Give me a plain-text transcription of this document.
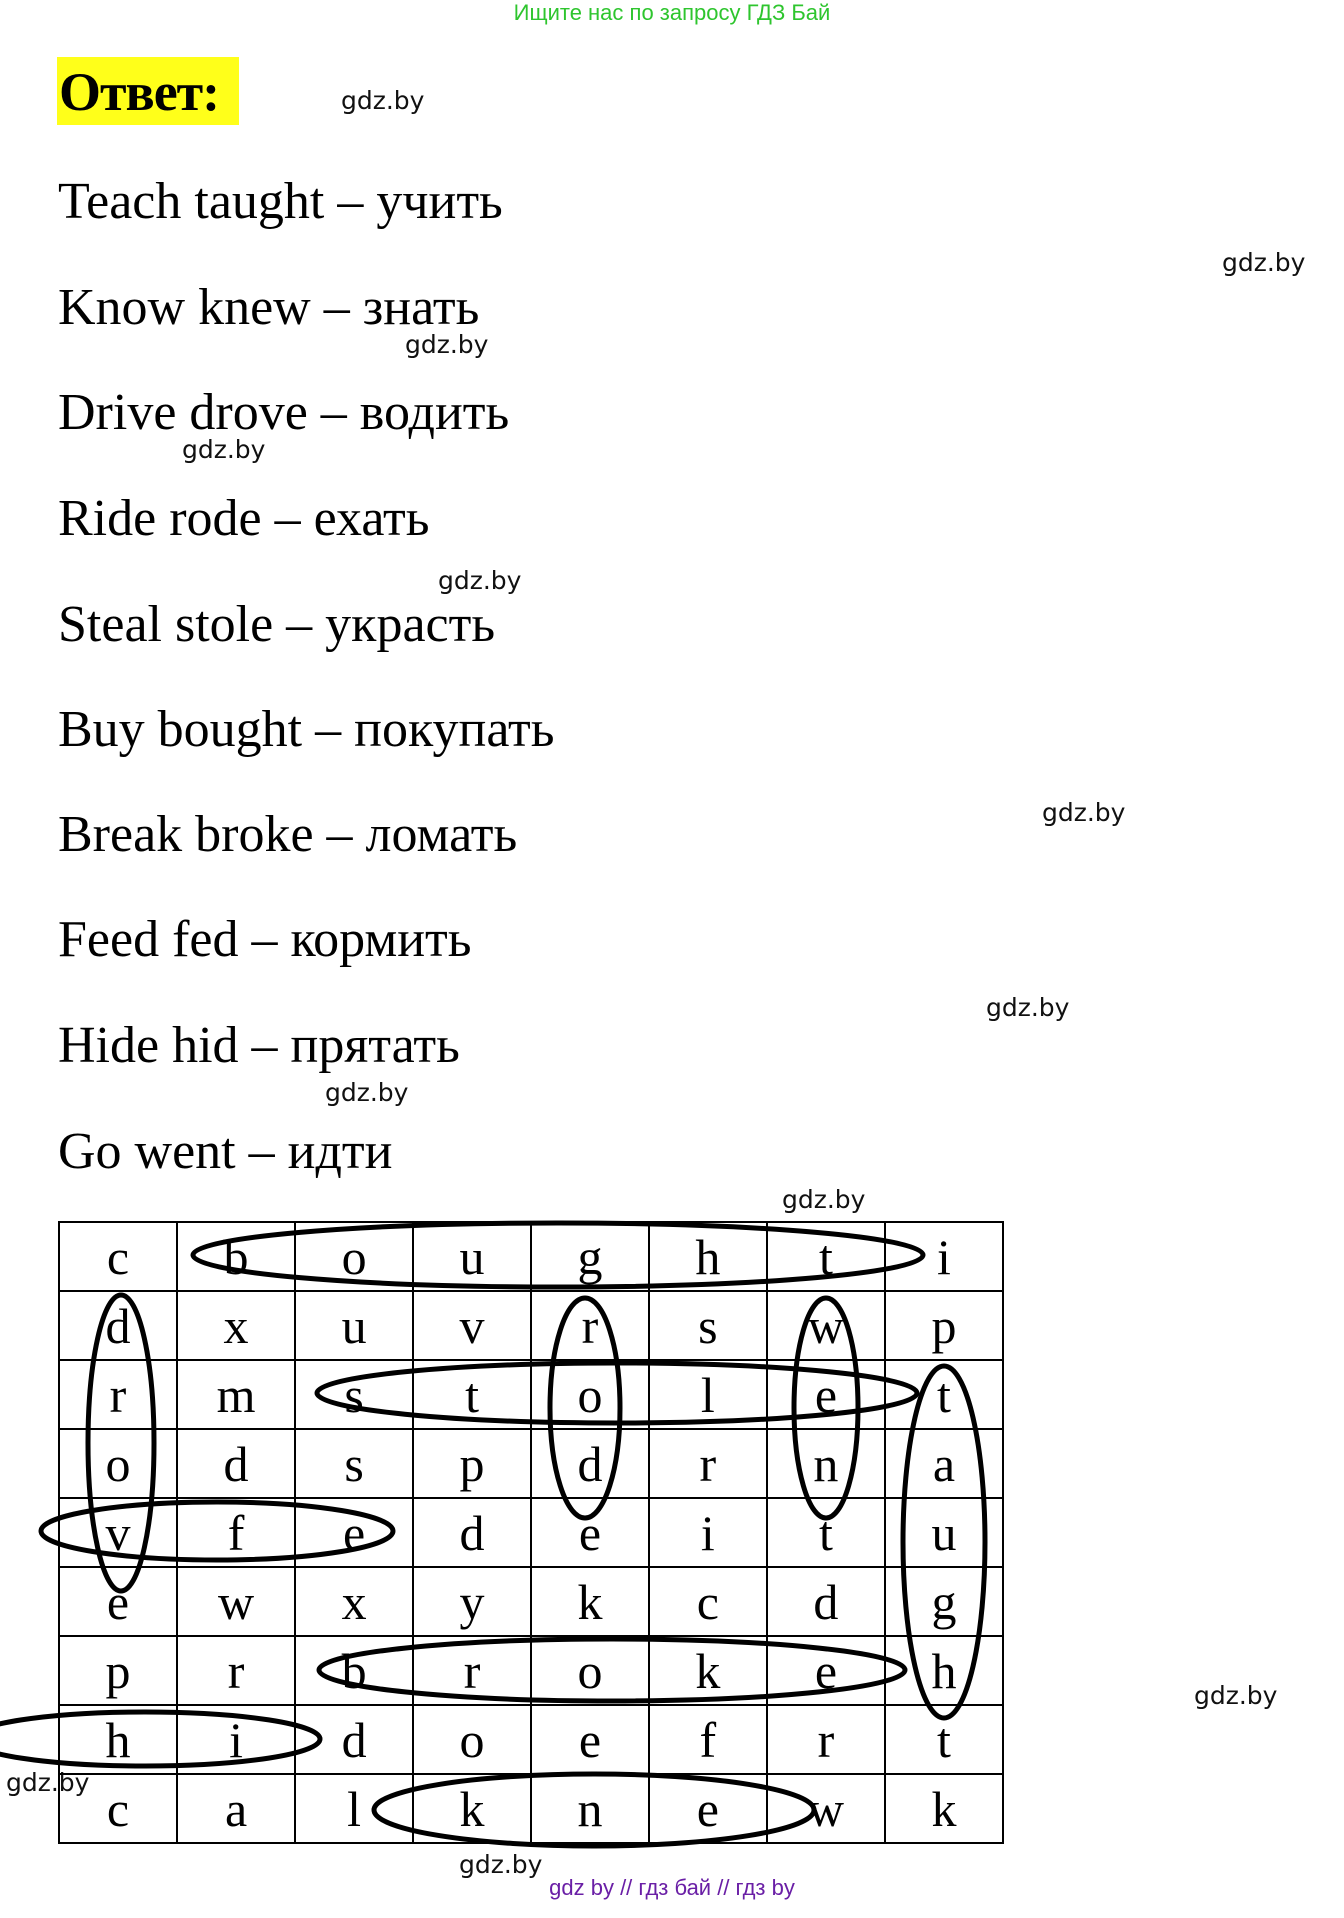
Ищите нас по запросу ГДЗ Бай
Ответ:
Teach taught – учить
Know knew – знать
Drive drove – водить
Ride rode – ехать
Steal stole – украсть
Buy bought – покупать
Break broke – ломать
Feed fed – кормить
Hide hid – прятать
Go went – идти
gdz.by
gdz.by
gdz.by
gdz.by
gdz.by
gdz.by
gdz.by
gdz.by
gdz.by
gdz.by
gdz.by
gdz.by
c	b	o	u	g	h	t	i
d	x	u	v	r	s	w	p
r	m	s	t	o	l	e	t
o	d	s	p	d	r	n	a
v	f	e	d	e	i	t	u
e	w	x	y	k	c	d	g
p	r	b	r	o	k	e	h
h	i	d	o	e	f	r	t
c	a	l	k	n	e	w	k
gdz by // гдз бай // гдз by
